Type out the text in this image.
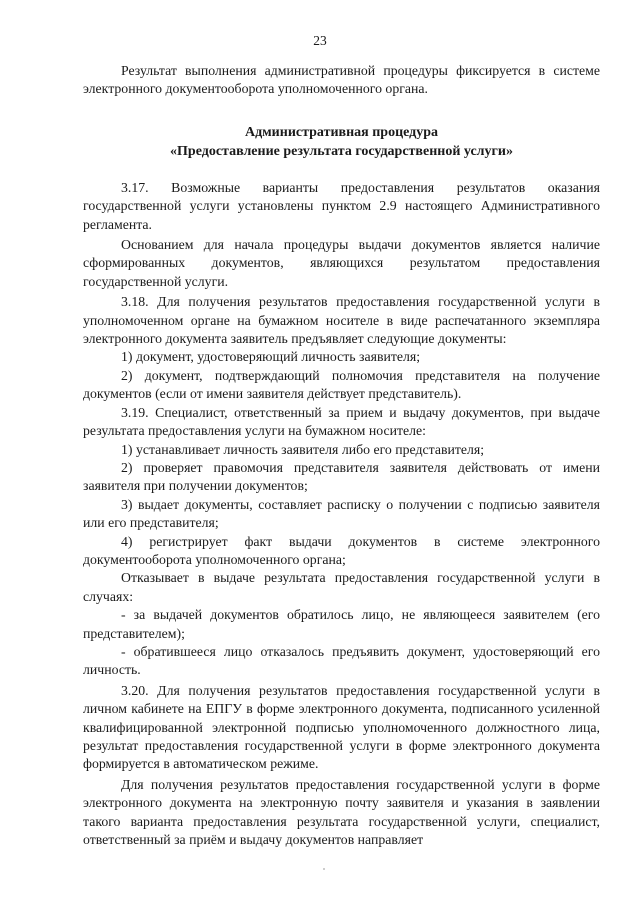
23

Результат выполнения административной процедуры фиксируется в системе электронного документооборота уполномоченного органа.

Административная процедура
«Предоставление результата государственной услуги»

3.17. Возможные варианты предоставления результатов оказания государственной услуги установлены пунктом 2.9 настоящего Административного регламента.

Основанием для начала процедуры выдачи документов является наличие сформированных документов, являющихся результатом предоставления государственной услуги.

3.18. Для получения результатов предоставления государственной услуги в уполномоченном органе на бумажном носителе в виде распечатанного экземпляра электронного документа заявитель предъявляет следующие документы:

1) документ, удостоверяющий личность заявителя;

2) документ, подтверждающий полномочия представителя на получение документов (если от имени заявителя действует представитель).

3.19. Специалист, ответственный за прием и выдачу документов, при выдаче результата предоставления услуги на бумажном носителе:

1) устанавливает личность заявителя либо его представителя;

2) проверяет правомочия представителя заявителя действовать от имени заявителя при получении документов;

3) выдает документы, составляет расписку о получении с подписью заявителя или его представителя;

4) регистрирует факт выдачи документов в системе электронного документооборота уполномоченного органа;

Отказывает в выдаче результата предоставления государственной услуги в случаях:

- за выдачей документов обратилось лицо, не являющееся заявителем (его представителем);

- обратившееся лицо отказалось предъявить документ, удостоверяющий его личность.

3.20. Для получения результатов предоставления государственной услуги в личном кабинете на ЕПГУ в форме электронного документа, подписанного усиленной квалифицированной электронной подписью уполномоченного должностного лица, результат предоставления государственной услуги в форме электронного документа формируется в автоматическом режиме.

Для получения результатов предоставления государственной услуги в форме электронного документа на электронную почту заявителя и указания в заявлении такого варианта предоставления результата государственной услуги, специалист, ответственный за приём и выдачу документов направляет
